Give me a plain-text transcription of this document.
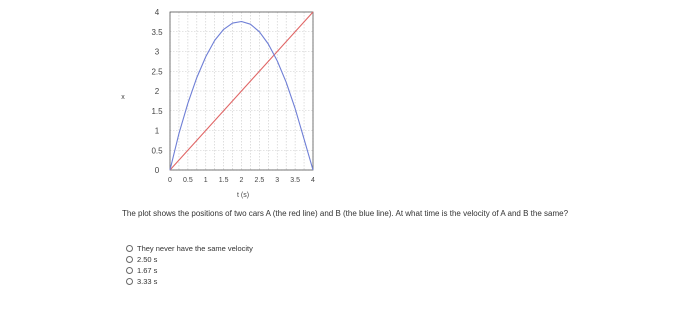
4
3.5
3
2.5
2
1.5
1
0.5
0
0 0.5 1 1.5 2 2.5 3 3.5 4
x
t (s)
The plot shows the positions of two cars A (the red line) and B (the blue line). At what time is the velocity of A and B the same?
They never have the same velocity
2.50 s
1.67 s
3.33 s
